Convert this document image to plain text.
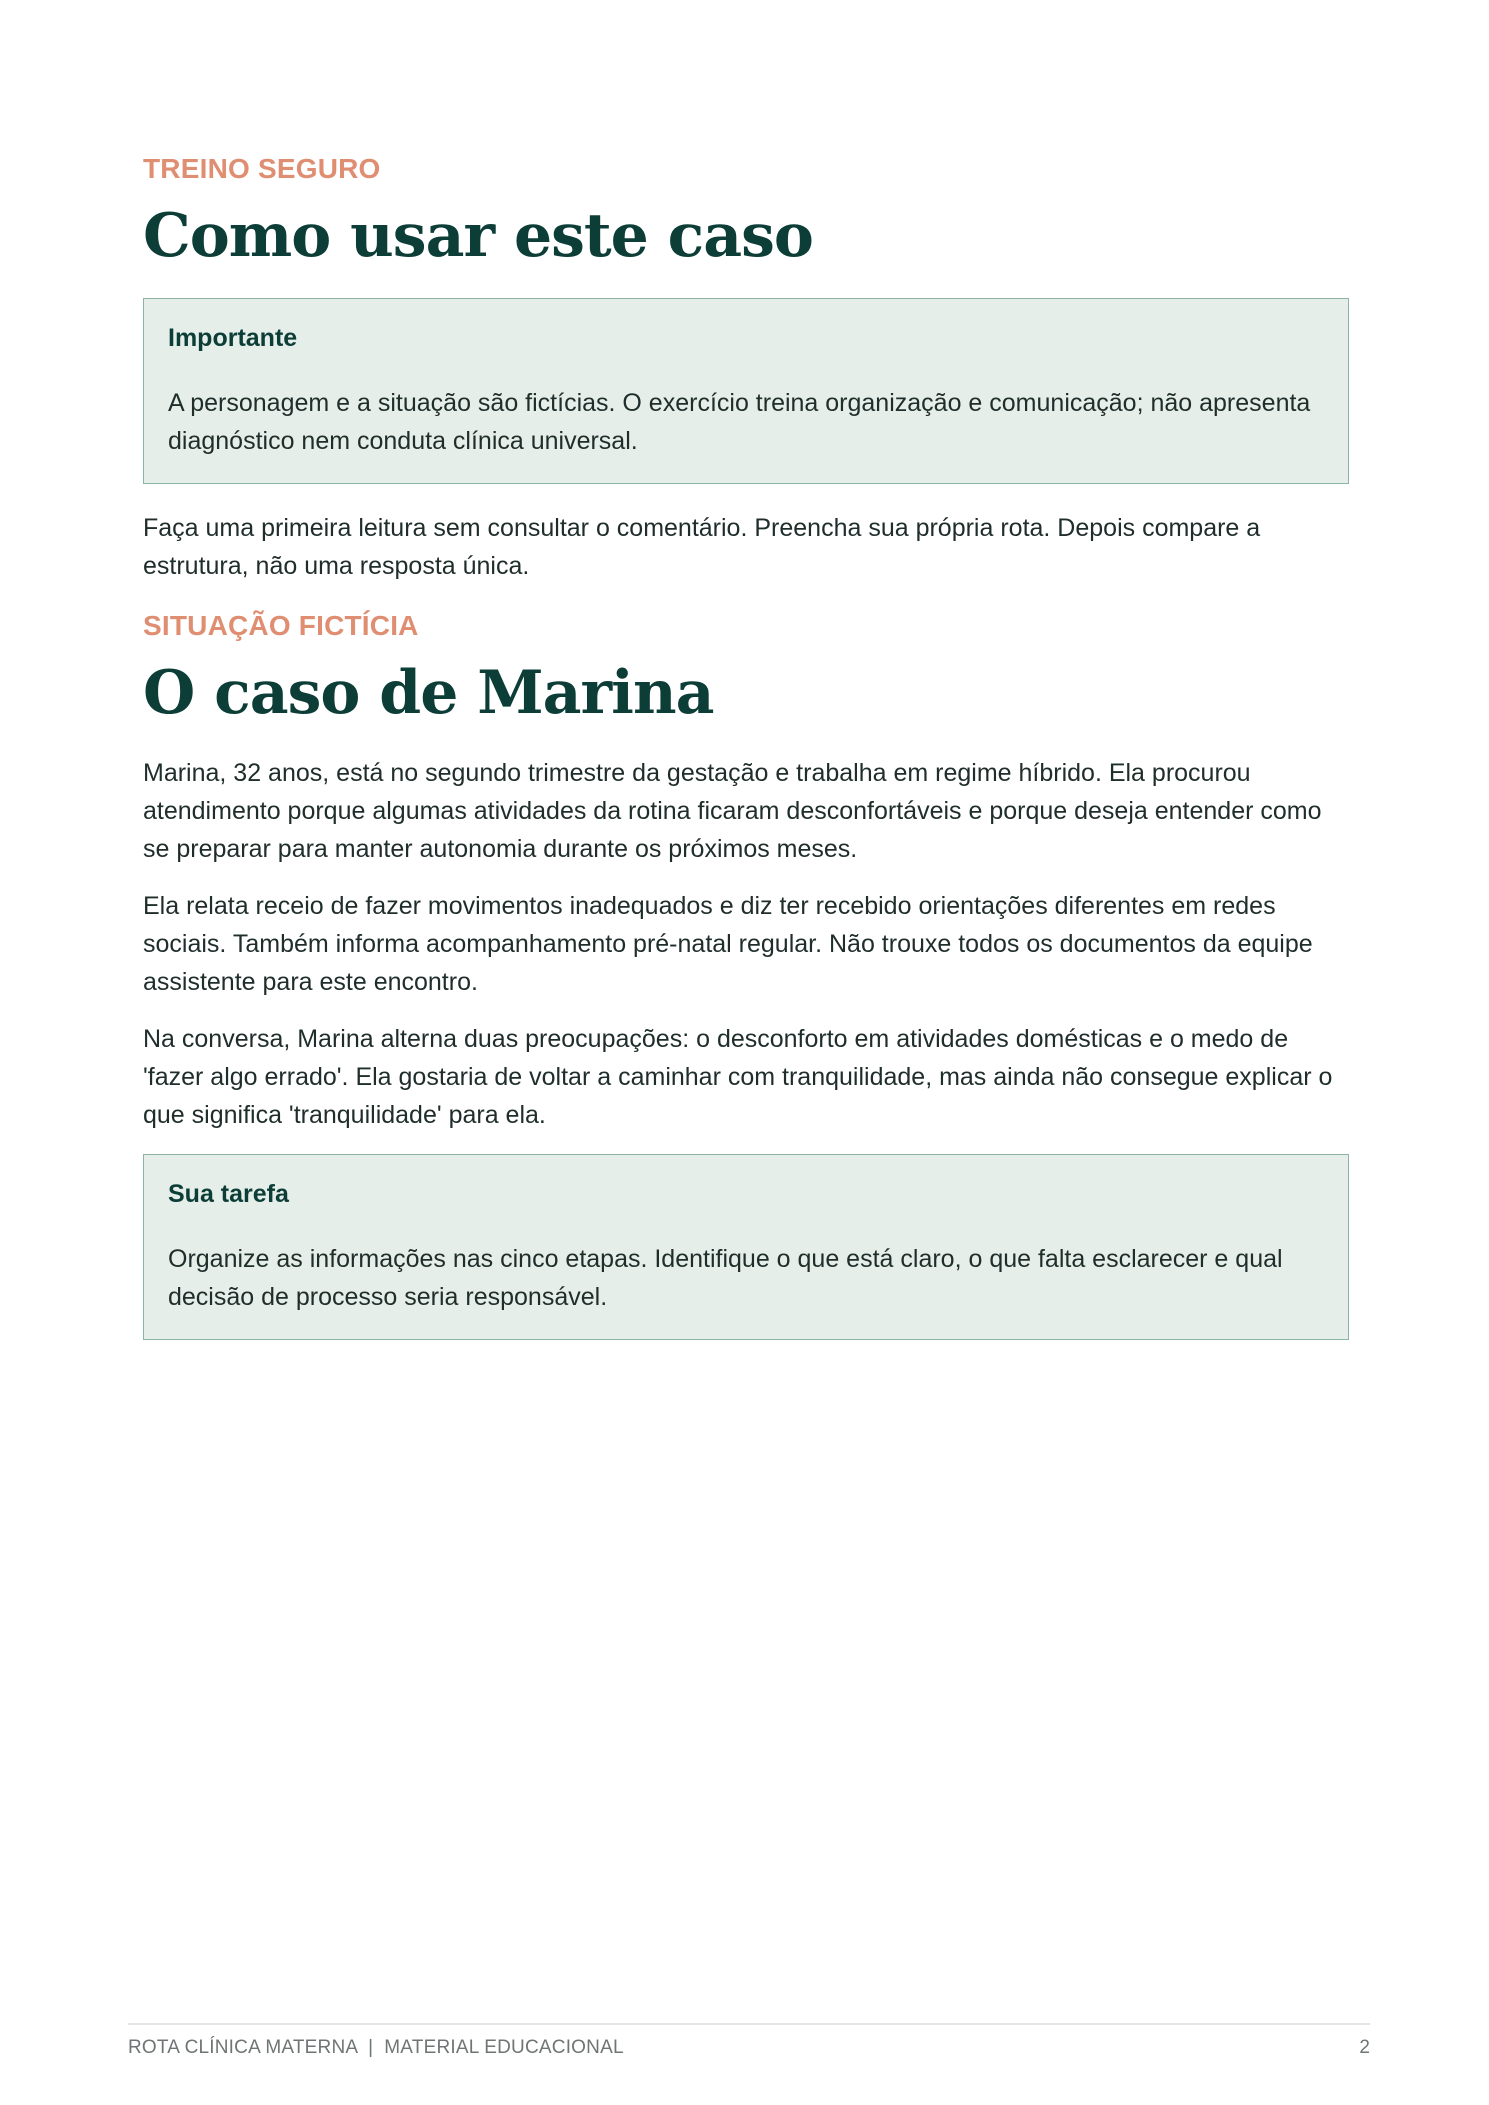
TREINO SEGURO

Como usar este caso

Importante

A personagem e a situação são fictícias. O exercício treina organização e comunicação; não apresenta diagnóstico nem conduta clínica universal.

Faça uma primeira leitura sem consultar o comentário. Preencha sua própria rota. Depois compare a estrutura, não uma resposta única.

SITUAÇÃO FICTÍCIA

O caso de Marina

Marina, 32 anos, está no segundo trimestre da gestação e trabalha em regime híbrido. Ela procurou atendimento porque algumas atividades da rotina ficaram desconfortáveis e porque deseja entender como se preparar para manter autonomia durante os próximos meses.

Ela relata receio de fazer movimentos inadequados e diz ter recebido orientações diferentes em redes sociais. Também informa acompanhamento pré-natal regular. Não trouxe todos os documentos da equipe assistente para este encontro.

Na conversa, Marina alterna duas preocupações: o desconforto em atividades domésticas e o medo de 'fazer algo errado'. Ela gostaria de voltar a caminhar com tranquilidade, mas ainda não consegue explicar o que significa 'tranquilidade' para ela.

Sua tarefa

Organize as informações nas cinco etapas. Identifique o que está claro, o que falta esclarecer e qual decisão de processo seria responsável.

ROTA CLÍNICA MATERNA  |  MATERIAL EDUCACIONAL	2
